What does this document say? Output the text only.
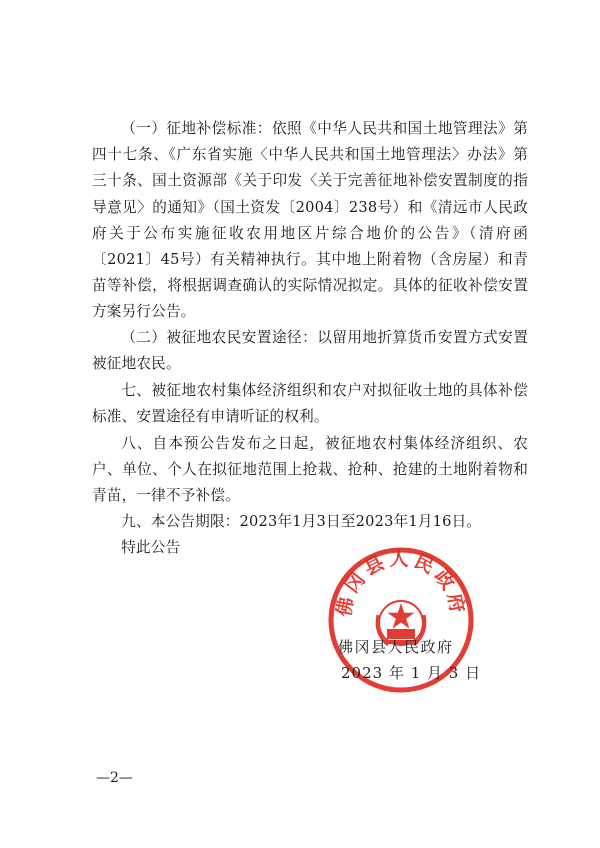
（一）征地补偿标准：依照《中华人民共和国土地管理法》第四十七条、《广东省实施〈中华人民共和国土地管理法〉办法》第三十条、国土资源部《关于印发〈关于完善征地补偿安置制度的指导意见〉的通知》（国土资发〔2004〕238号）和《清远市人民政府关于公布实施征收农用地区片综合地价的公告》（清府函〔2021〕45号）有关精神执行。其中地上附着物（含房屋）和青苗等补偿，将根据调查确认的实际情况拟定。具体的征收补偿安置方案另行公告。

（二）被征地农民安置途径：以留用地折算货币安置方式安置被征地农民。

七、被征地农村集体经济组织和农户对拟征收土地的具体补偿标准、安置途径有申请听证的权利。

八、自本预公告发布之日起，被征地农村集体经济组织、农户、单位、个人在拟征地范围上抢栽、抢种、抢建的土地附着物和青苗，一律不予补偿。

九、本公告期限：2023年1月3日至2023年1月16日。

特此公告

佛冈县人民政府
佛冈县人民政府
2023 年 1 月 3 日
—2—
